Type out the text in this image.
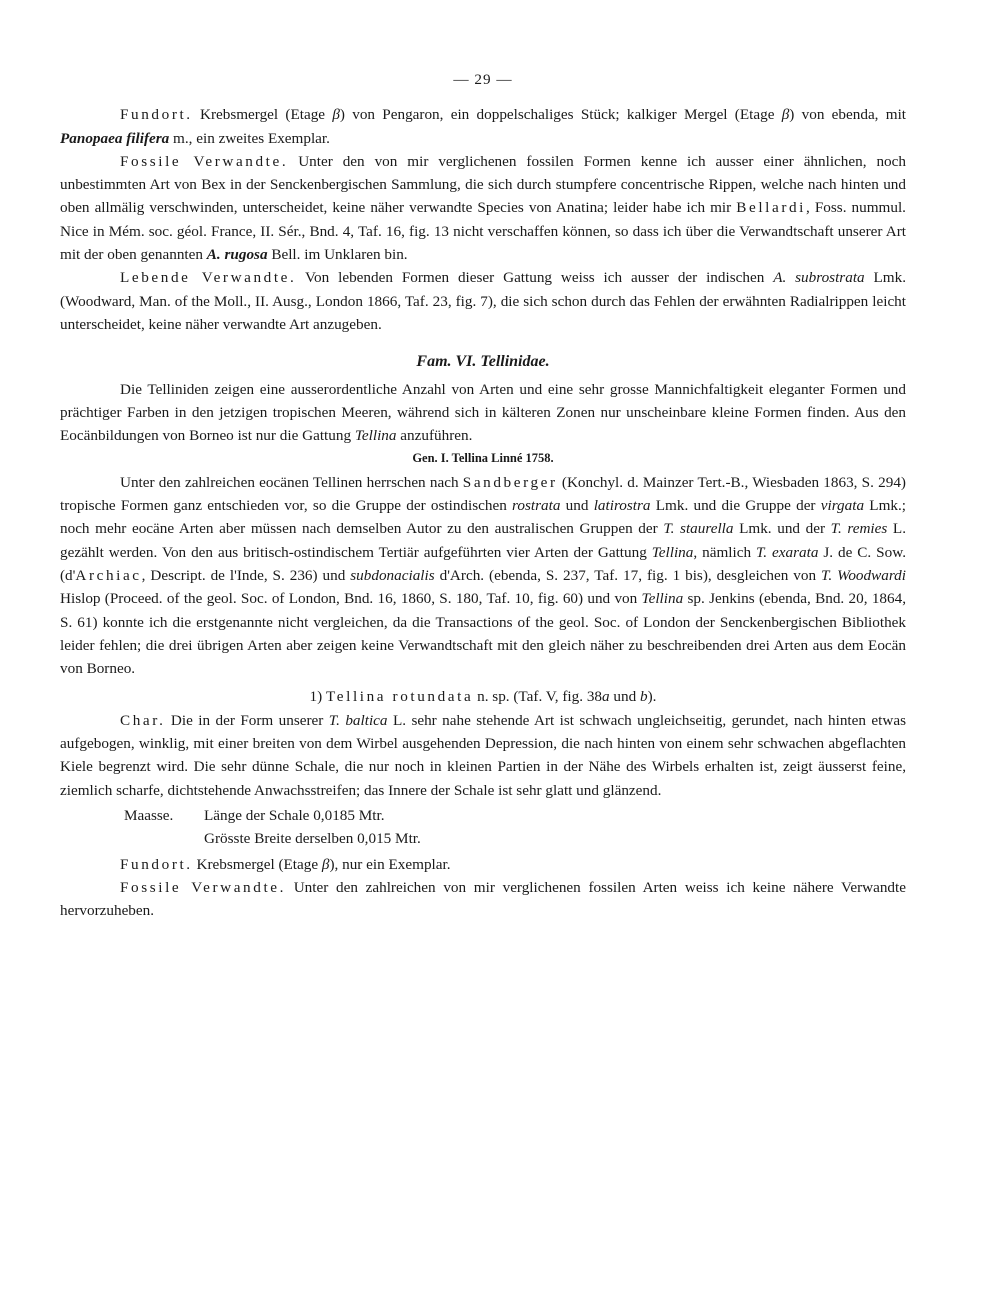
— 29 —

Fundort. Krebsmergel (Etage β) von Pengaron, ein doppelschaliges Stück; kalkiger Mergel (Etage β) von ebenda, mit Panopaea filifera m., ein zweites Exemplar.

Fossile Verwandte. Unter den von mir verglichenen fossilen Formen kenne ich ausser einer ähnlichen, noch unbestimmten Art von Bex in der Senckenbergischen Sammlung, die sich durch stumpfere concentrische Rippen, welche nach hinten und oben allmälig verschwinden, unterscheidet, keine näher verwandte Species von Anatina; leider habe ich mir Bellardi, Foss. nummul. Nice in Mém. soc. géol. France, II. Sér., Bnd. 4, Taf. 16, fig. 13 nicht verschaffen können, so dass ich über die Verwandtschaft unserer Art mit der oben genannten A. rugosa Bell. im Unklaren bin.

Lebende Verwandte. Von lebenden Formen dieser Gattung weiss ich ausser der indischen A. subrostrata Lmk. (Woodward, Man. of the Moll., II. Ausg., London 1866, Taf. 23, fig. 7), die sich schon durch das Fehlen der erwähnten Radialrippen leicht unterscheidet, keine näher verwandte Art anzugeben.

Fam. VI. Tellinidae.

Die Telliniden zeigen eine ausserordentliche Anzahl von Arten und eine sehr grosse Mannichfaltigkeit eleganter Formen und prächtiger Farben in den jetzigen tropischen Meeren, während sich in kälteren Zonen nur unscheinbare kleine Formen finden. Aus den Eocänbildungen von Borneo ist nur die Gattung Tellina anzuführen.

Gen. I. Tellina Linné 1758.

Unter den zahlreichen eocänen Tellinen herrschen nach Sandberger (Konchyl. d. Mainzer Tert.-B., Wiesbaden 1863, S. 294) tropische Formen ganz entschieden vor, so die Gruppe der ostindischen rostrata und latirostra Lmk. und die Gruppe der virgata Lmk.; noch mehr eocäne Arten aber müssen nach demselben Autor zu den australischen Gruppen der T. staurella Lmk. und der T. remies L. gezählt werden. Von den aus britisch-ostindischem Tertiär aufgeführten vier Arten der Gattung Tellina, nämlich T. exarata J. de C. Sow. (d'Archiac, Descript. de l'Inde, S. 236) und subdonacialis d'Arch. (ebenda, S. 237, Taf. 17, fig. 1 bis), desgleichen von T. Woodwardi Hislop (Proceed. of the geol. Soc. of London, Bnd. 16, 1860, S. 180, Taf. 10, fig. 60) und von Tellina sp. Jenkins (ebenda, Bnd. 20, 1864, S. 61) konnte ich die erstgenannte nicht vergleichen, da die Transactions of the geol. Soc. of London der Senckenbergischen Bibliothek leider fehlen; die drei übrigen Arten aber zeigen keine Verwandtschaft mit den gleich näher zu beschreibenden drei Arten aus dem Eocän von Borneo.

1) Tellina rotundata n. sp. (Taf. V, fig. 38a und b).

Char. Die in der Form unserer T. baltica L. sehr nahe stehende Art ist schwach ungleichseitig, gerundet, nach hinten etwas aufgebogen, winklig, mit einer breiten von dem Wirbel ausgehenden Depression, die nach hinten von einem sehr schwachen abgeflachten Kiele begrenzt wird. Die sehr dünne Schale, die nur noch in kleinen Partien in der Nähe des Wirbels erhalten ist, zeigt äusserst feine, ziemlich scharfe, dichtstehende Anwachsstreifen; das Innere der Schale ist sehr glatt und glänzend.

Maasse.	Länge der Schale 0,0185 Mtr.
Grösste Breite derselben 0,015 Mtr.

Fundort. Krebsmergel (Etage β), nur ein Exemplar.

Fossile Verwandte. Unter den zahlreichen von mir verglichenen fossilen Arten weiss ich keine nähere Verwandte hervorzuheben.
